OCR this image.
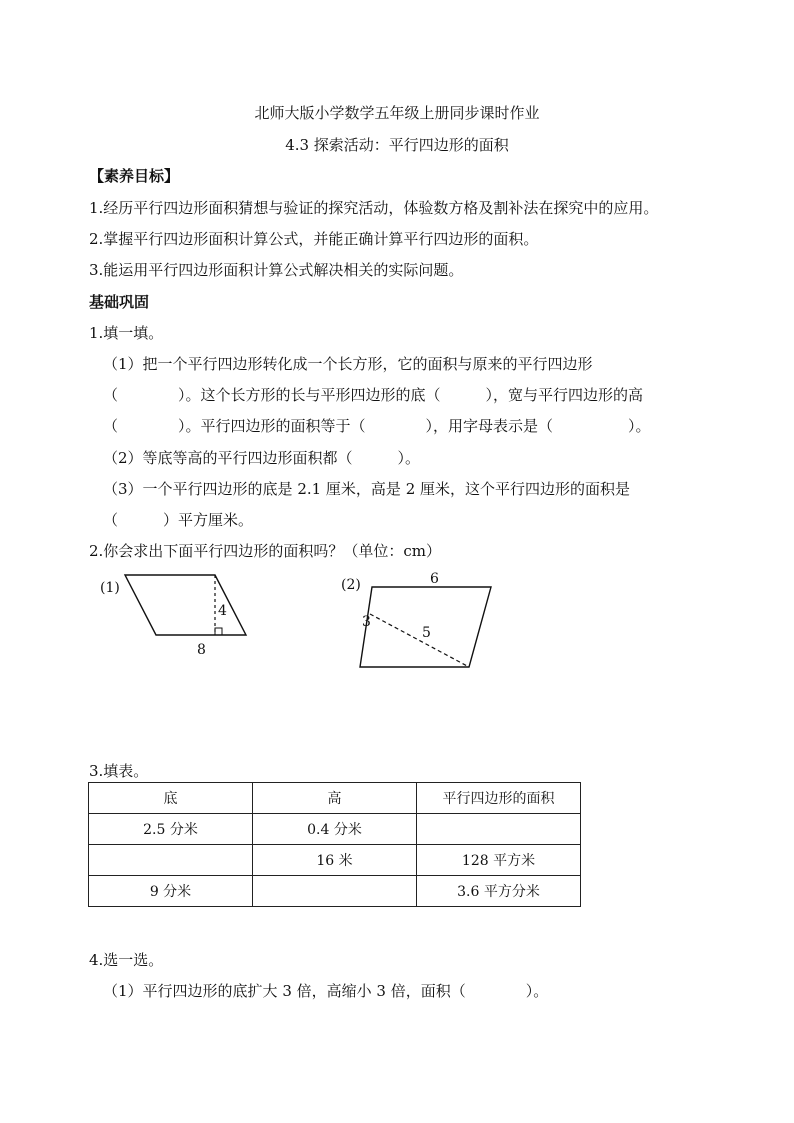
北师大版小学数学五年级上册同步课时作业
4.3 探索活动：平行四边形的面积
【素养目标】
1.经历平行四边形面积猜想与验证的探究活动，体验数方格及割补法在探究中的应用。
2.掌握平行四边形面积计算公式，并能正确计算平行四边形的面积。
3.能运用平行四边形面积计算公式解决相关的实际问题。
基础巩固
1.填一填。
（1）把一个平行四边形转化成一个长方形，它的面积与原来的平行四边形
（　　　　）。这个长方形的长与平形四边形的底（　　　），宽与平行四边形的高
（　　　　）。平行四边形的面积等于（　　　　），用字母表示是（　　　　　）。
（2）等底等高的平行四边形面积都（　　　）。
（3）一个平行四边形的底是 2.1 厘米，高是 2 厘米，这个平行四边形的面积是
（　　　）平方厘米。
2.你会求出下面平行四边形的面积吗？（单位：cm）
(1)
4
8
(2)	6
3
5
3.填表。
底	高	平行四边形的面积
2.5 分米	0.4 分米	
	16 米	128 平方米
9 分米		3.6 平方分米
4.选一选。
（1）平行四边形的底扩大 3 倍，高缩小 3 倍，面积（　　　　）。
